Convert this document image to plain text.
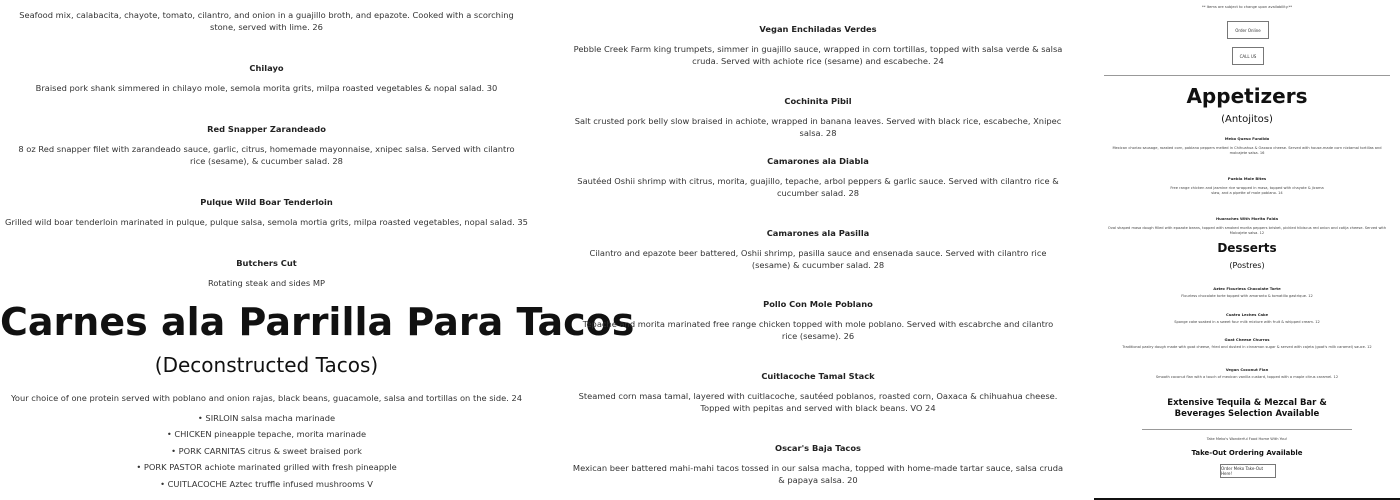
Seafood mix, calabacita, chayote, tomato, cilantro, and onion in a guajillo broth, and epazote. Cooked with a scorching stone, served with lime. 26
Chilayo
Braised pork shank simmered in chilayo mole, semola morita grits, milpa roasted vegetables & nopal salad. 30
Red Snapper Zarandeado
8 oz Red snapper filet with zarandeado sauce, garlic, citrus, homemade mayonnaise, xnipec salsa. Served with cilantro rice (sesame), & cucumber salad. 28
Pulque Wild Boar Tenderloin
Grilled wild boar tenderloin marinated in pulque, pulque salsa, semola mortia grits, milpa roasted vegetables, nopal salad. 35
Butchers Cut
Rotating steak and sides MP
Carnes ala Parrilla Para Tacos
(Deconstructed Tacos)
Your choice of one protein served with poblano and onion rajas, black beans, guacamole, salsa and tortillas on the side. 24
• SIRLOIN salsa macha marinade
• CHICKEN pineapple tepache, morita marinade
• PORK CARNITAS citrus & sweet braised pork
• PORK PASTOR achiote marinated grilled with fresh pineapple
• CUITLACOCHE Aztec truffle infused mushrooms V
Vegan Enchiladas Verdes
Pebble Creek Farm king trumpets, simmer in guajillo sauce, wrapped in corn tortillas, topped with salsa verde & salsa cruda. Served with achiote rice (sesame) and escabeche. 24
Cochinita Pibil
Salt crusted pork belly slow braised in achiote, wrapped in banana leaves. Served with black rice, escabeche, Xnipec salsa. 28
Camarones ala Diabla
Sautéed Oshii shrimp with citrus, morita, guajillo, tepache, arbol peppers & garlic sauce. Served with cilantro rice & cucumber salad. 28
Camarones ala Pasilla
Cilantro and epazote beer battered, Oshii shrimp, pasilla sauce and ensenada sauce. Served with cilantro rice (sesame) & cucumber salad. 28
Pollo Con Mole Poblano
Tepache and morita marinated free range chicken topped with mole poblano. Served with escabrche and cilantro rice (sesame). 26
Cuitlacoche Tamal Stack
Steamed corn masa tamal, layered with cuitlacoche, sautéed poblanos, roasted corn, Oaxaca & chihuahua cheese. Topped with pepitas and served with black beans. VO 24
Oscar's Baja Tacos
Mexican beer battered mahi-mahi tacos tossed in our salsa macha, topped with home-made tartar sauce, salsa cruda & papaya salsa. 20
** Items are subject to change upon availability.**
Order Online
CALL US
Appetizers
(Antojitos)
Meko Queso Fundido
Mexican chorizo sausage, roasted corn, poblano peppers melted in Chihuahua & Oaxaca cheese. Served with house-made corn nixtamal tortillas and molcajete salsa. 16
Puebla Mole Bites
Free range chicken and jasmine rice wrapped in masa, topped with chayote & jicama slaw, and a pipette of mole poblano. 14
Huaraches With Morita Falda
Oval shaped masa dough filled with epazote beans, topped with smoked morita peppers brisket, pickled hibiscus red onion and cotija cheese. Served with Molcajete salsa. 12
Desserts
(Postres)
Aztec Flourless Chocolate Torte
Flourless chocolate torte topped with amaranto & tomatillo gastrique. 12
Cuatro Leches Cake
Sponge cake soaked in a sweet four milk mixture with fruit & whipped cream. 12
Goat Cheese Churros
Traditional pastry dough made with goat cheese, fried and dusted in cinnamon sugar & served with cajeta (goat's milk caramel) sauce. 12
Vegan Coconut Flan
Smooth coconut flan with a touch of mexican vanilla custard, topped with a maple citrus caramel. 12
Extensive Tequila & Mezcal Bar & Beverages Selection Available
Take Meko's Wonderful Food Home With You!
Take-Out Ordering Available
Order Meko Take-Out Here!
